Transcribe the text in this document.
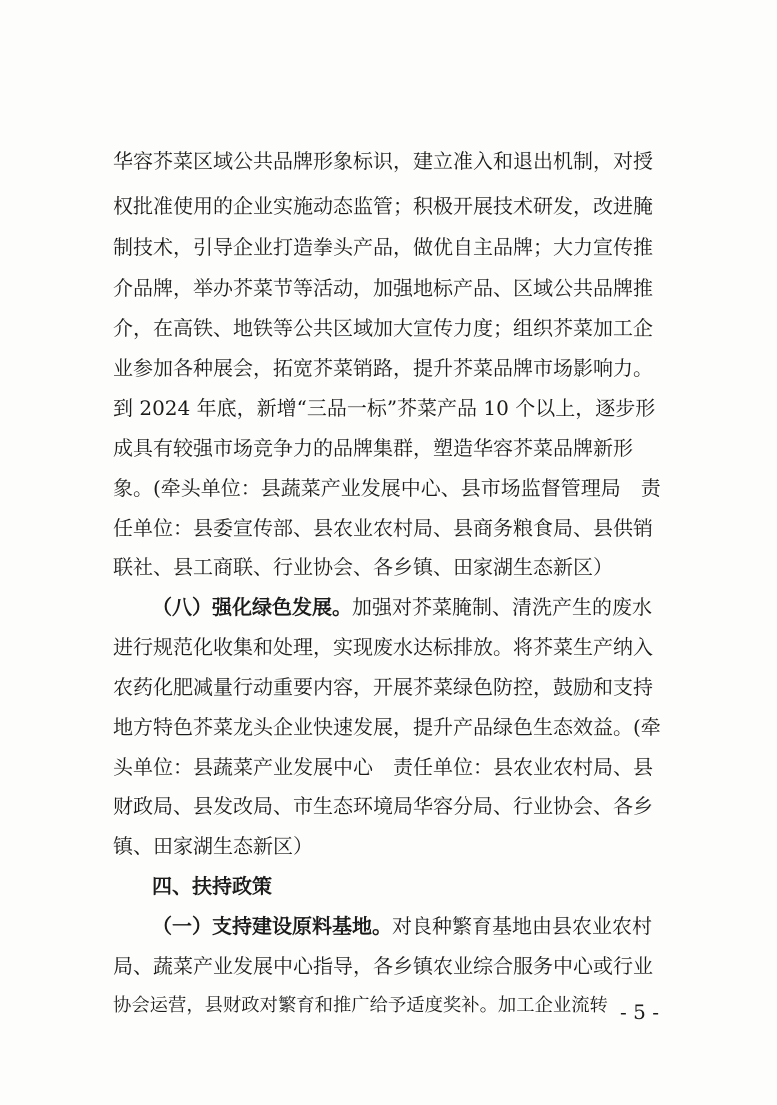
华容芥菜区域公共品牌形象标识，建立准入和退出机制，对授
权批准使用的企业实施动态监管；积极开展技术研发，改进腌
制技术，引导企业打造拳头产品，做优自主品牌；大力宣传推
介品牌，举办芥菜节等活动，加强地标产品、区域公共品牌推
介，在高铁、地铁等公共区域加大宣传力度；组织芥菜加工企
业参加各种展会，拓宽芥菜销路，提升芥菜品牌市场影响力。
到 2024 年底，新增“三品一标”芥菜产品 10 个以上，逐步形
成具有较强市场竞争力的品牌集群，塑造华容芥菜品牌新形
象。(牵头单位：县蔬菜产业发展中心、县市场监督管理局　责
任单位：县委宣传部、县农业农村局、县商务粮食局、县供销
联社、县工商联、行业协会、各乡镇、田家湖生态新区）
（八）强化绿色发展。加强对芥菜腌制、清洗产生的废水
进行规范化收集和处理，实现废水达标排放。将芥菜生产纳入
农药化肥减量行动重要内容，开展芥菜绿色防控，鼓励和支持
地方特色芥菜龙头企业快速发展，提升产品绿色生态效益。(牵
头单位：县蔬菜产业发展中心　责任单位：县农业农村局、县
财政局、县发改局、市生态环境局华容分局、行业协会、各乡
镇、田家湖生态新区）
四、扶持政策
（一）支持建设原料基地。对良种繁育基地由县农业农村
局、蔬菜产业发展中心指导，各乡镇农业综合服务中心或行业
协会运营，县财政对繁育和推广给予适度奖补。加工企业流转 - 5 -
